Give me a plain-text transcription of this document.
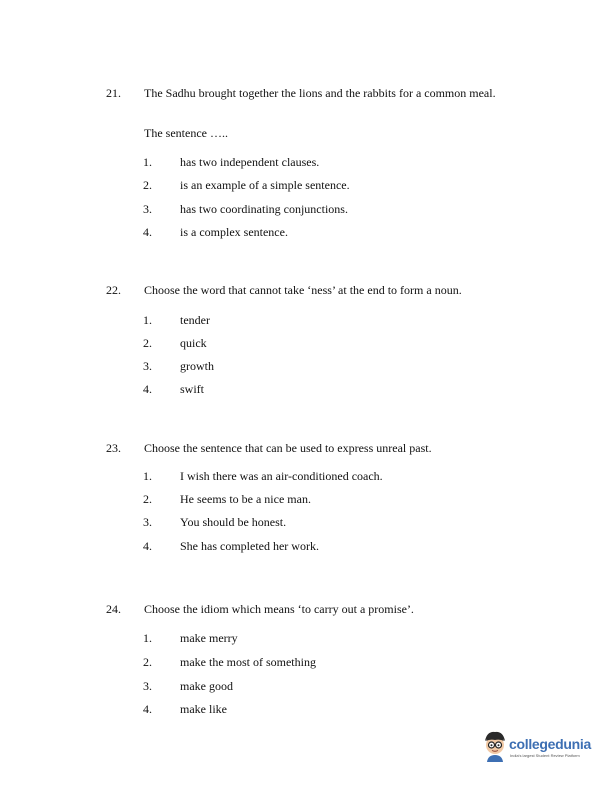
21. The Sadhu brought together the lions and the rabbits for a common meal.
The sentence …..
1. has two independent clauses.
2. is an example of a simple sentence.
3. has two coordinating conjunctions.
4. is a complex sentence.
22. Choose the word that cannot take ‘ness’ at the end to form a noun.
1. tender
2. quick
3. growth
4. swift
23. Choose the sentence that can be used to express unreal past.
1. I wish there was an air-conditioned coach.
2. He seems to be a nice man.
3. You should be honest.
4. She has completed her work.
24. Choose the idiom which means ‘to carry out a promise’.
1. make merry
2. make the most of something
3. make good
4. make like
collegedunia
India's largest Student Review Platform
